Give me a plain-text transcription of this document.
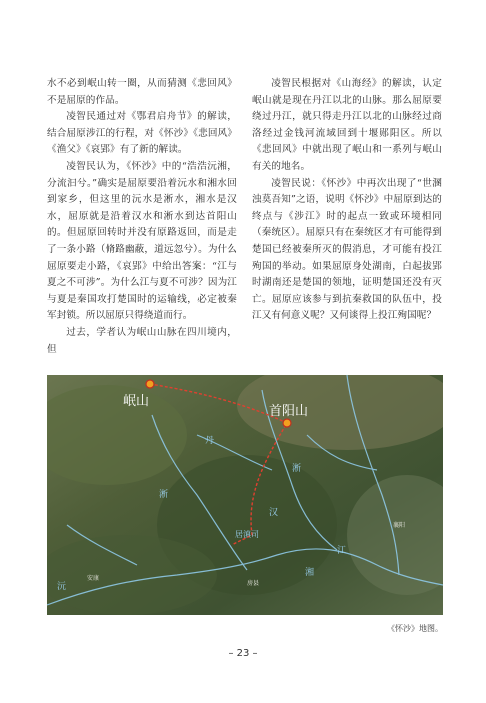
水不必到岷山转一圈，从而猜测《悲回风》不是屈原的作品。

凌智民通过对《鄂君启舟节》的解读，结合屈原涉江的行程，对《怀沙》《悲回风》《渔父》《哀郢》有了新的解读。

凌智民认为，《怀沙》中的“浩浩沅湘，分流汩兮。”确实是屈原要沿着沅水和湘水回到家乡，但这里的沅水是淅水，湘水是汉水，屈原就是沿着汉水和淅水到达首阳山的。但屈原回转时并没有原路返回，而是走了一条小路（脩路幽蔽，道远忽兮）。为什么屈原要走小路，《哀郢》中给出答案：“江与夏之不可涉”。为什么江与夏不可涉？因为江与夏是秦国攻打楚国时的运输线，必定被秦军封锁。所以屈原只得绕道而行。

过去，学者认为岷山山脉在四川境内，但

凌智民根据对《山海经》的解读，认定岷山就是现在丹江以北的山脉。那么屈原要绕过丹江，就只得走丹江以北的山脉经过商洛经过金钱河流域回到十堰郧阳区。所以《悲回风》中就出现了岷山和一系列与岷山有关的地名。

凌智民说：《怀沙》中再次出现了“世溷浊莫吾知”之语，说明《怀沙》中屈原到达的终点与《涉江》时的起点一致或环境相同（秦统区）。屈原只有在秦统区才有可能得到楚国已经被秦所灭的假消息，才可能有投江殉国的举动。如果屈原身处湖南，白起拔郢时湖南还是楚国的领地，证明楚国还没有灭亡。屈原应该参与到抗秦救国的队伍中，投江又有何意义呢？又何谈得上投江殉国呢？

岷山
首阳山
居滇司
丹
淅
淅
汉
江
湘
沅
安康
房县
襄阳
《怀沙》地图。
– 23 –
